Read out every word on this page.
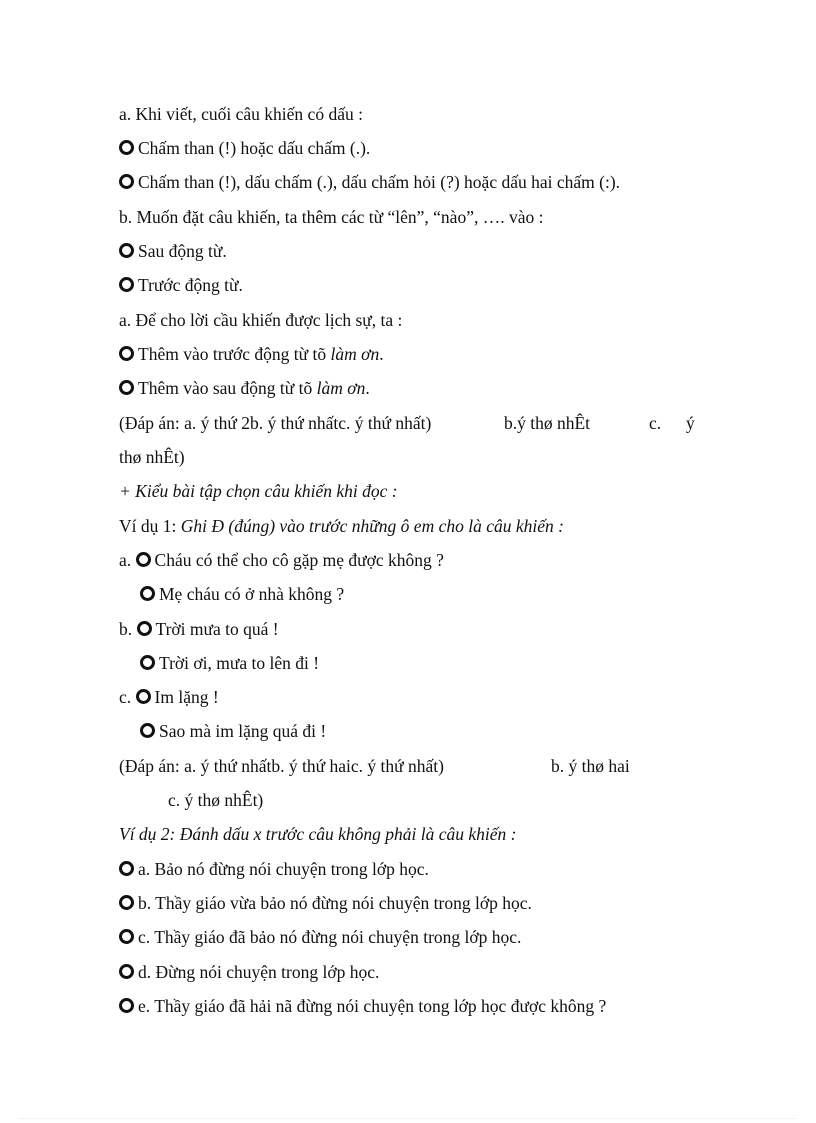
a. Khi viết, cuối câu khiến có dấu :
Chấm than (!) hoặc dấu chấm (.).
Chấm than (!), dấu chấm (.), dấu chấm hỏi (?) hoặc dấu hai chấm (:).
b. Muốn đặt câu khiến, ta thêm các từ “lên”, “nào”, …. vào :
Sau động từ.
Trước động từ.
a. Để cho lời cầu khiến được lịch sự, ta :
Thêm vào trước động từ tõ làm ơn.
Thêm vào sau động từ tõ làm ơn.
(Đáp án: a. ý thứ 2b. ý thứ nhấtc. ý thứ nhất)	b.ý thø nhÊt	c. ý
thø nhÊt)
+ Kiểu bài tập chọn câu khiến khi đọc :
Ví dụ 1: Ghi Đ (đúng) vào trước những ô em cho là câu khiến :
a. Cháu có thể cho cô gặp mẹ được không ?
Mẹ cháu có ở nhà không ?
b. Trời mưa to quá !
Trời ơi, mưa to lên đi !
c. Im lặng !
Sao mà im lặng quá đi !
(Đáp án: a. ý thứ nhấtb. ý thứ haic. ý thứ nhất)	b. ý thø hai
c. ý thø nhÊt)
Ví dụ 2: Đánh dấu x trước câu không phải là câu khiến :
a. Bảo nó đừng nói chuyện trong lớp học.
b. Thầy giáo vừa bảo nó đừng nói chuyện trong lớp học.
c. Thầy giáo đã bảo nó đừng nói chuyện trong lớp học.
d. Đừng nói chuyện trong lớp học.
e. Thầy giáo đã hải nã đừng nói chuyện tong lớp học được không ?
